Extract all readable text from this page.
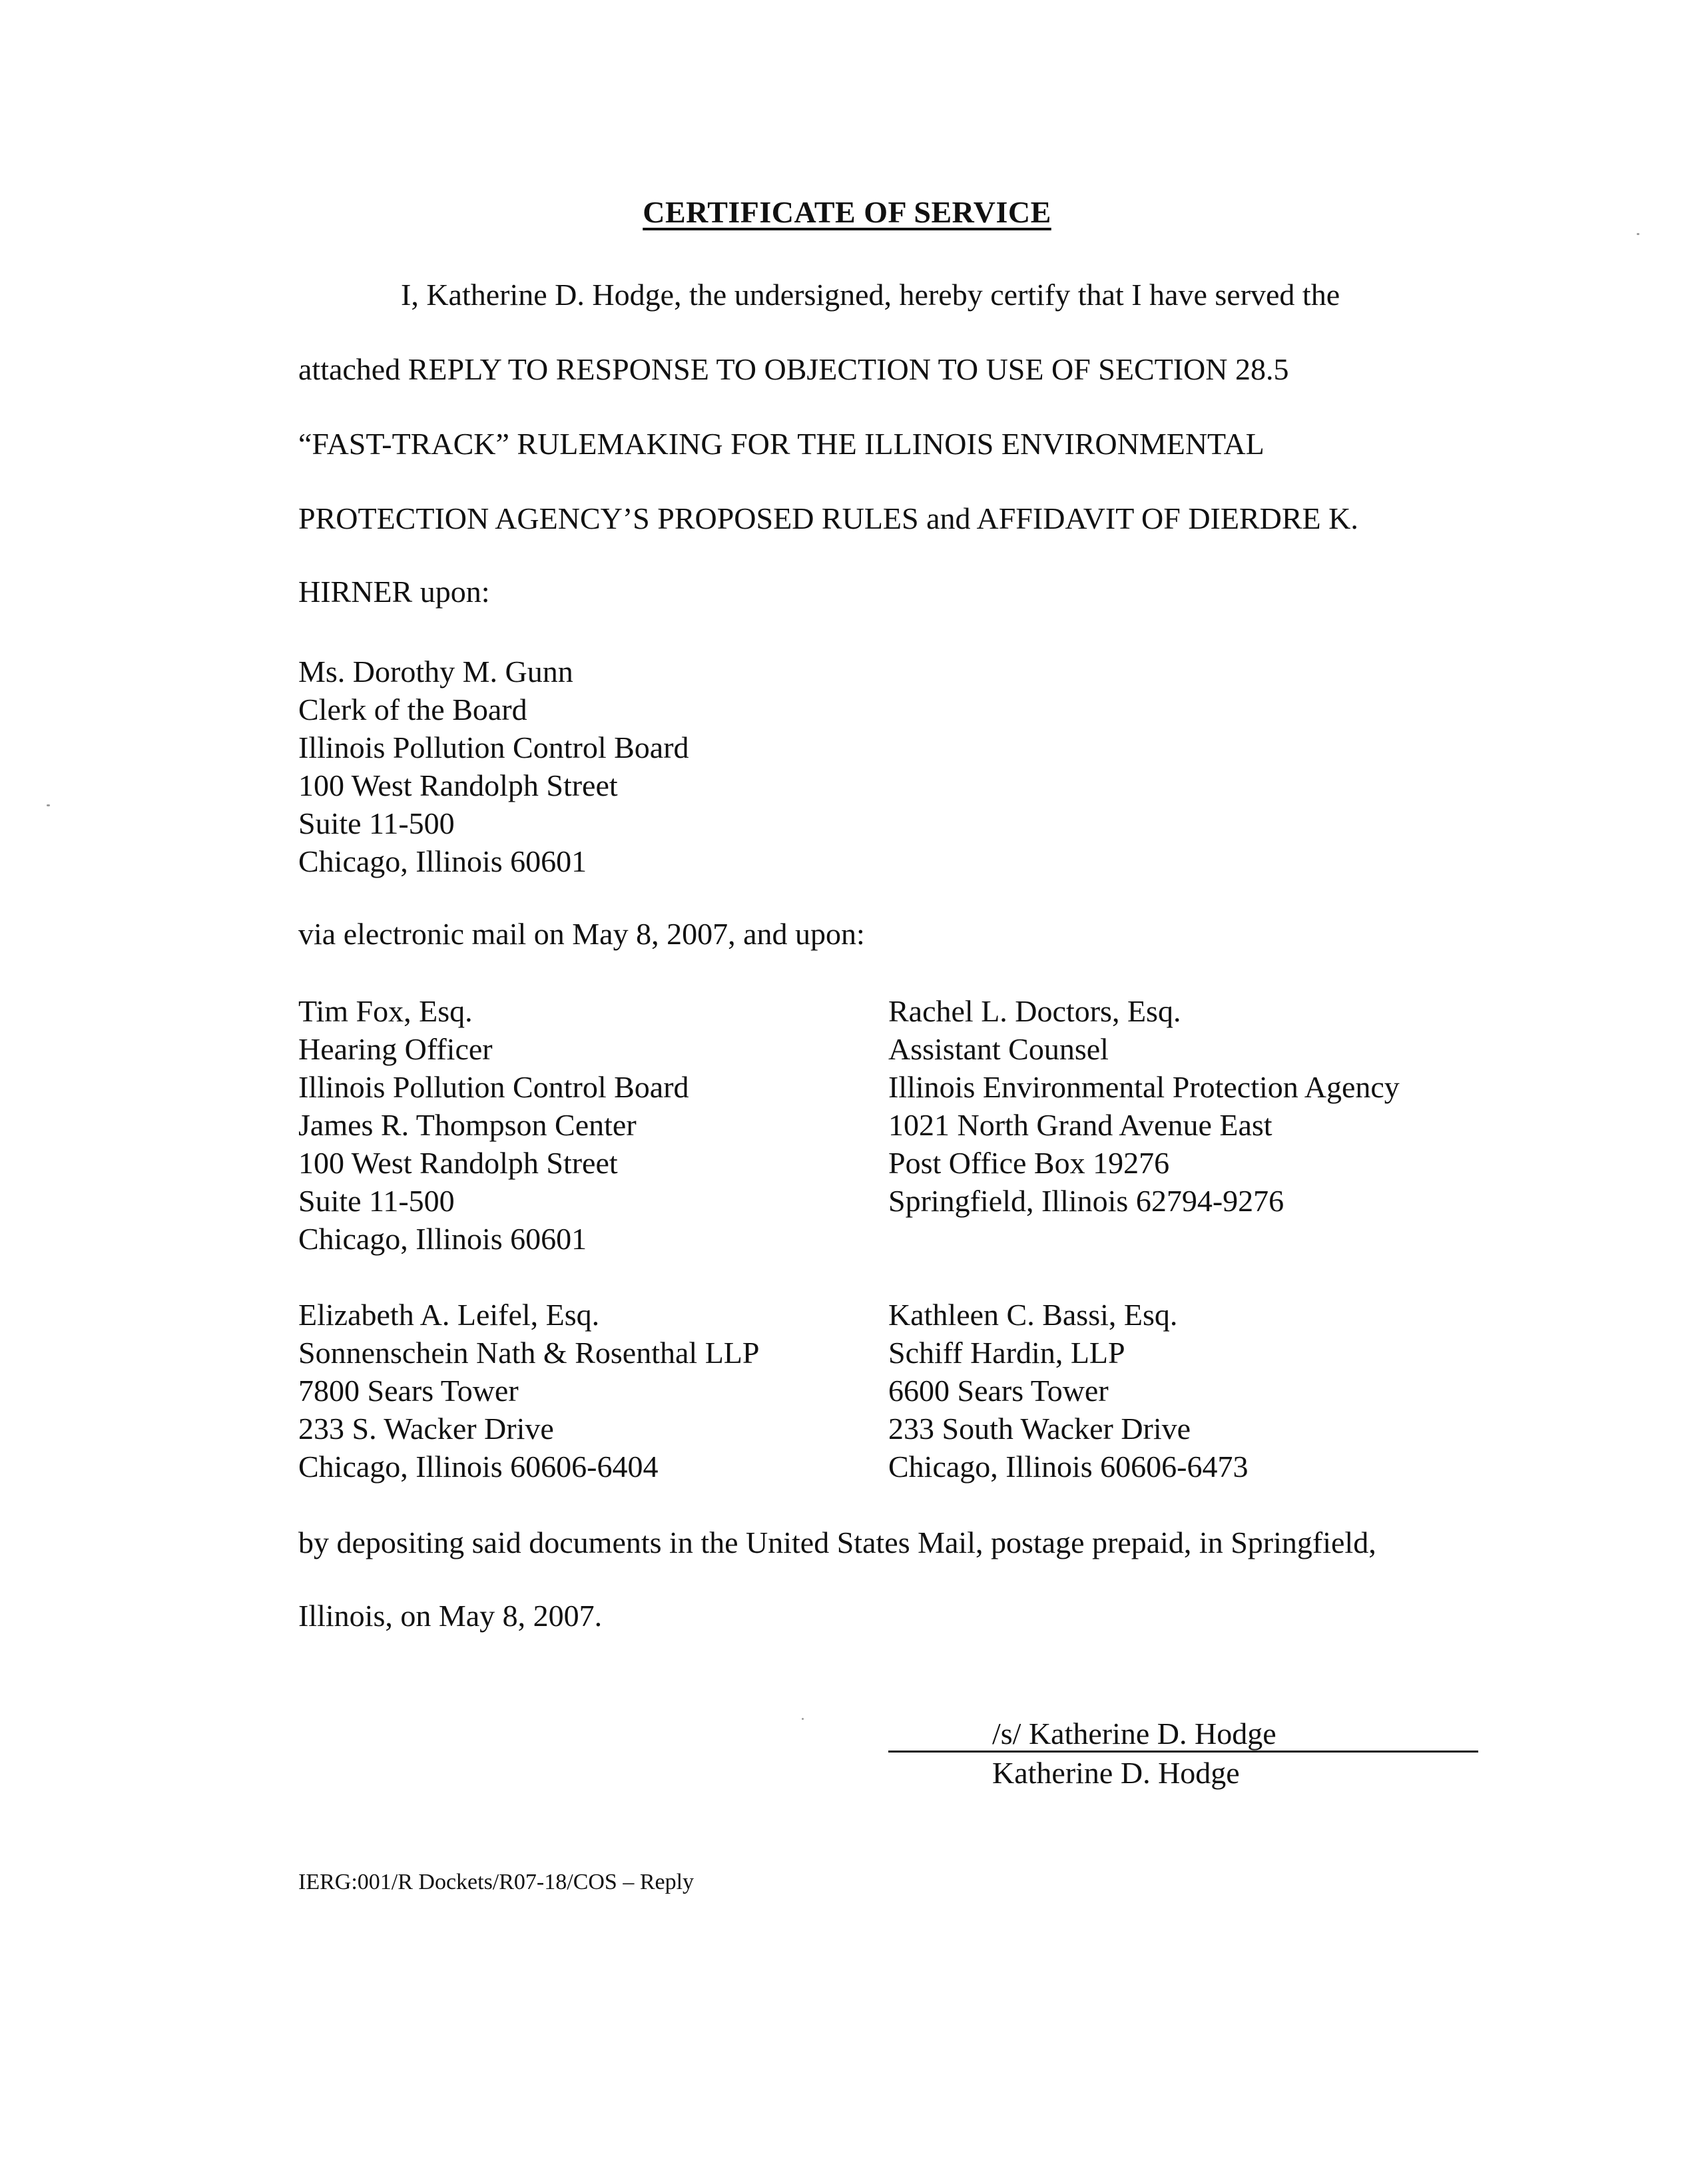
CERTIFICATE OF SERVICE
I, Katherine D. Hodge, the undersigned, hereby certify that I have served the
attached REPLY TO RESPONSE TO OBJECTION TO USE OF SECTION 28.5
“FAST-TRACK” RULEMAKING FOR THE ILLINOIS ENVIRONMENTAL
PROTECTION AGENCY’S PROPOSED RULES and AFFIDAVIT OF DIERDRE K.
HIRNER upon:
Ms. Dorothy M. Gunn
Clerk of the Board
Illinois Pollution Control Board
100 West Randolph Street
Suite 11-500
Chicago, Illinois 60601
via electronic mail on May 8, 2007, and upon:
Tim Fox, Esq.
Hearing Officer
Illinois Pollution Control Board
James R. Thompson Center
100 West Randolph Street
Suite 11-500
Chicago, Illinois 60601
Rachel L. Doctors, Esq.
Assistant Counsel
Illinois Environmental Protection Agency
1021 North Grand Avenue East
Post Office Box 19276
Springfield, Illinois 62794-9276
Elizabeth A. Leifel, Esq.
Sonnenschein Nath & Rosenthal LLP
7800 Sears Tower
233 S. Wacker Drive
Chicago, Illinois 60606-6404
Kathleen C. Bassi, Esq.
Schiff Hardin, LLP
6600 Sears Tower
233 South Wacker Drive
Chicago, Illinois 60606-6473
by depositing said documents in the United States Mail, postage prepaid, in Springfield,
Illinois, on May 8, 2007.
/s/ Katherine D. Hodge
Katherine D. Hodge
IERG:001/R Dockets/R07-18/COS – Reply
